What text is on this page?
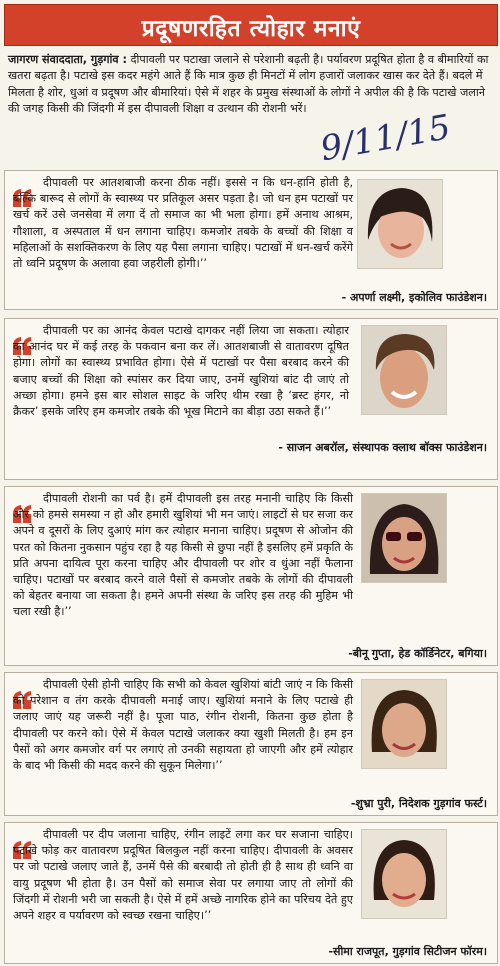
प्रदूषणरहित त्योहार मनाएं
जागरण संवाददाता, गुड़गांव : दीपावली पर पटाखा जलाने से परेशानी बढ़ती है। पर्यावरण प्रदूषित होता है व बीमारियों का खतरा बढ़ता है। पटाखे इस कदर महंगे आते हैं कि मात्र कुछ ही मिनटों में लोग हजारों जलाकर खास कर देते हैं। बदले में मिलता है शोर, धुआं व प्रदूषण और बीमारियां। ऐसे में शहर के प्रमुख संस्थाओं के लोगों ने अपील की है कि पटाखे जलाने की जगह किसी की जिंदगी में इस दीपावली शिक्षा व उत्थान की रोशनी भरें। 9/11/15
दीपावली पर आतशबाजी करना ठीक नहीं। इससे न कि धन-हानि होती है, बल्कि बारूद से लोगों के स्वास्थ्य पर प्रतिकूल असर पड़ता है। जो धन हम पटाखों पर खर्च करें उसे जनसेवा में लगा दें तो समाज का भी भला होगा। हमें अनाथ आश्रम, गौशाला, व अस्पताल में धन लगाना चाहिए। कमजोर तबके के बच्चों की शिक्षा व महिलाओं के सशक्तिकरण के लिए यह पैसा लगाना चाहिए। पटाखों में धन-खर्च करेंगे तो ध्वनि प्रदूषण के अलावा हवा जहरीली होगी।’’
- अपर्णा लक्ष्मी, इकोलिव फाउंडेशन।
दीपावली पर का आनंद केवल पटाखे दागकर नहीं लिया जा सकता। त्योहार का आनंद घर में कई तरह के पकवान बना कर लें। आतशबाजी से वातावरण दूषित होगा। लोगों का स्वास्थ्य प्रभावित होगा। ऐसे में पटाखों पर पैसा बरबाद करने की बजाए बच्चों की शिक्षा को स्पांसर कर दिया जाए, उनमें खुशियां बांट दी जाएं तो अच्छा होगा। हमने इस बार सोशल साइट के जरिए थीम रखा है ‘ब्रस्ट हंगर, नो क्रैकर’ इसके जरिए हम कमजोर तबके की भूख मिटाने का बीड़ा उठा सकते हैं।’’
- साजन अबरॉल, संस्थापक क्लाथ बॉक्स फाउंडेशन।
दीपावली रोशनी का पर्व है। हमें दीपावली इस तरह मनानी चाहिए कि किसी और को हमसे समस्या न हो और हमारी खुशियां भी मन जाएं। लाइटों से घर सजा कर अपने व दूसरों के लिए दुआएं मांग कर त्योहार मनाना चाहिए। प्रदूषण से ओजोन की परत को कितना नुकसान पहुंच रहा है यह किसी से छुपा नहीं है इसलिए हमें प्रकृति के प्रति अपना दायित्व पूरा करना चाहिए और दीपावली पर शोर व धुंआ नहीं फैलाना चाहिए। पटाखों पर बरबाद करने वाले पैसों से कमजोर तबके के लोगों की दीपावली को बेहतर बनाया जा सकता है। हमने अपनी संस्था के जरिए इस तरह की मुहिम भी चला रखी है।’’
-बीनू गुप्ता, हेड कॉर्डिनेटर, बगिया।
दीपावली ऐसी होनी चाहिए कि सभी को केवल खुशियां बांटी जाएं न कि किसी को परेशान व तंग करके दीपावली मनाई जाए। खुशियां मनाने के लिए पटाखे ही जलाए जाएं यह जरूरी नहीं है। पूजा पाठ, रंगीन रोशनी, कितना कुछ होता है दीपावली पर करने को। ऐसे में केवल पटाखे जलाकर क्या खुशी मिलती है। हम इन पैसों को अगर कमजोर वर्ग पर लगाएं तो उनकी सहायता हो जाएगी और हमें त्योहार के बाद भी किसी की मदद करने की सुकून मिलेगा।’’
-शुभ्रा पुरी, निदेशक गुड़गांव फर्स्ट।
दीपावली पर दीप जलाना चाहिए, रंगीन लाइटें लगा कर घर सजाना चाहिए। पटाखे फोड़ कर वातावरण प्रदूषित बिलकुल नहीं करना चाहिए। दीपावली के अवसर पर जो पटाखे जलाए जाते हैं, उनमें पैसे की बरबादी तो होती ही है साथ ही ध्वनि वा वायु प्रदूषण भी होता है। उन पैसों को समाज सेवा पर लगाया जाए तो लोगों की जिंदगी में रोशनी भरी जा सकती है। ऐसे में हमें अच्छे नागरिक होने का परिचय देते हुए अपने शहर व पर्यावरण को स्वच्छ रखना चाहिए।’’
-सीमा राजपूत, गुड़गांव सिटीजन फॉरम।
